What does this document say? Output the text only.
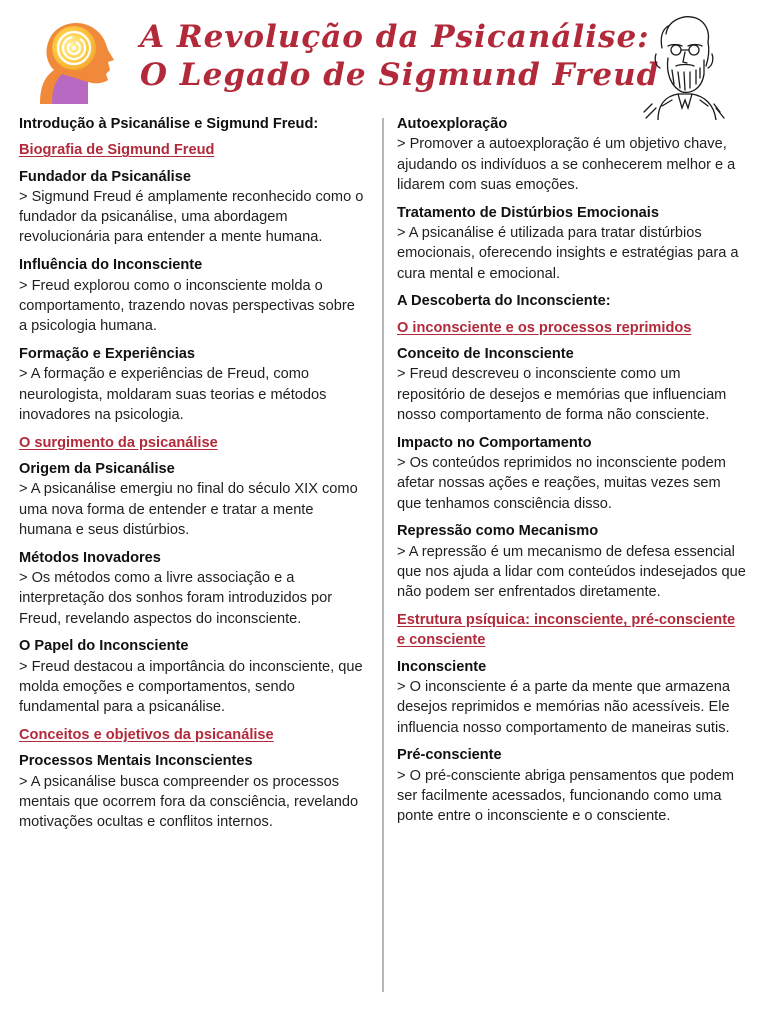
A Revolução da Psicanálise:
O Legado de Sigmund Freud
Introdução à Psicanálise e Sigmund Freud:
Biografia de Sigmund Freud
Fundador da Psicanálise
> Sigmund Freud é amplamente reconhecido como o fundador da psicanálise, uma abordagem revolucionária para entender a mente humana.
Influência do Inconsciente
> Freud explorou como o inconsciente molda o comportamento, trazendo novas perspectivas sobre a psicologia humana.
Formação e Experiências
> A formação e experiências de Freud, como neurologista, moldaram suas teorias e métodos inovadores na psicologia.
O surgimento da psicanálise
Origem da Psicanálise
> A psicanálise emergiu no final do século XIX como uma nova forma de entender e tratar a mente humana e seus distúrbios.
Métodos Inovadores
> Os métodos como a livre associação e a interpretação dos sonhos foram introduzidos por Freud, revelando aspectos do inconsciente.
O Papel do Inconsciente
> Freud destacou a importância do inconsciente, que molda emoções e comportamentos, sendo fundamental para a psicanálise.
Conceitos e objetivos da psicanálise
Processos Mentais Inconscientes
> A psicanálise busca compreender os processos mentais que ocorrem fora da consciência, revelando motivações ocultas e conflitos internos.
Autoexploração
> Promover a autoexploração é um objetivo chave, ajudando os indivíduos a se conhecerem melhor e a lidarem com suas emoções.
Tratamento de Distúrbios Emocionais
> A psicanálise é utilizada para tratar distúrbios emocionais, oferecendo insights e estratégias para a cura mental e emocional.
A Descoberta do Inconsciente:
O inconsciente e os processos reprimidos
Conceito de Inconsciente
> Freud descreveu o inconsciente como um repositório de desejos e memórias que influenciam nosso comportamento de forma não consciente.
Impacto no Comportamento
> Os conteúdos reprimidos no inconsciente podem afetar nossas ações e reações, muitas vezes sem que tenhamos consciência disso.
Repressão como Mecanismo
> A repressão é um mecanismo de defesa essencial que nos ajuda a lidar com conteúdos indesejados que não podem ser enfrentados diretamente.
Estrutura psíquica: inconsciente, pré-consciente e consciente
Inconsciente
> O inconsciente é a parte da mente que armazena desejos reprimidos e memórias não acessíveis. Ele influencia nosso comportamento de maneiras sutis.
Pré-consciente
> O pré-consciente abriga pensamentos que podem ser facilmente acessados, funcionando como uma ponte entre o inconsciente e o consciente.
